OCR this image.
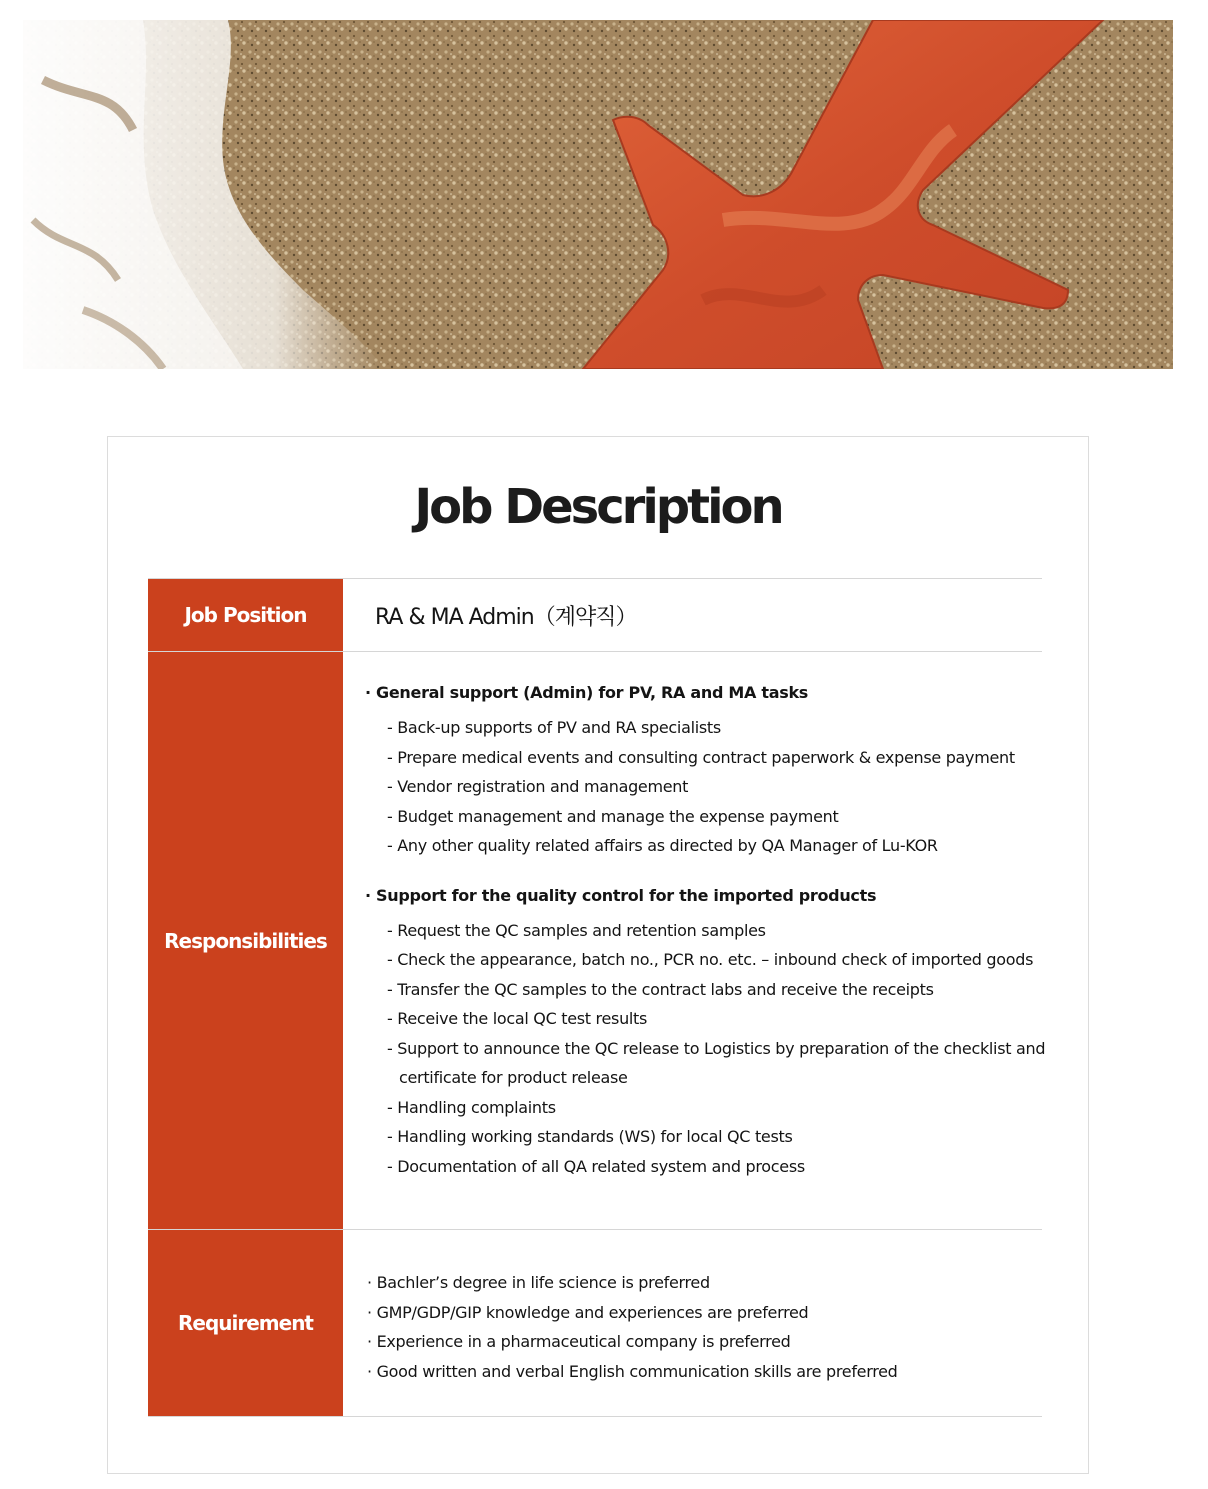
Job Description
Job Position	RA & MA Admin（계약직）
Responsibilities
· General support (Admin) for PV, RA and MA tasks
- Back-up supports of PV and RA specialists
- Prepare medical events and consulting contract paperwork & expense payment
- Vendor registration and management
- Budget management and manage the expense payment
- Any other quality related affairs as directed by QA Manager of Lu-KOR
· Support for the quality control for the imported products
- Request the QC samples and retention samples
- Check the appearance, batch no., PCR no. etc. – inbound check of imported goods
- Transfer the QC samples to the contract labs and receive the receipts
- Receive the local QC test results
- Support to announce the QC release to Logistics by preparation of the checklist and certificate for product release
- Handling complaints
- Handling working standards (WS) for local QC tests
- Documentation of all QA related system and process
Requirement
· Bachler’s degree in life science is preferred
· GMP/GDP/GIP knowledge and experiences are preferred
· Experience in a pharmaceutical company is preferred
· Good written and verbal English communication skills are preferred
